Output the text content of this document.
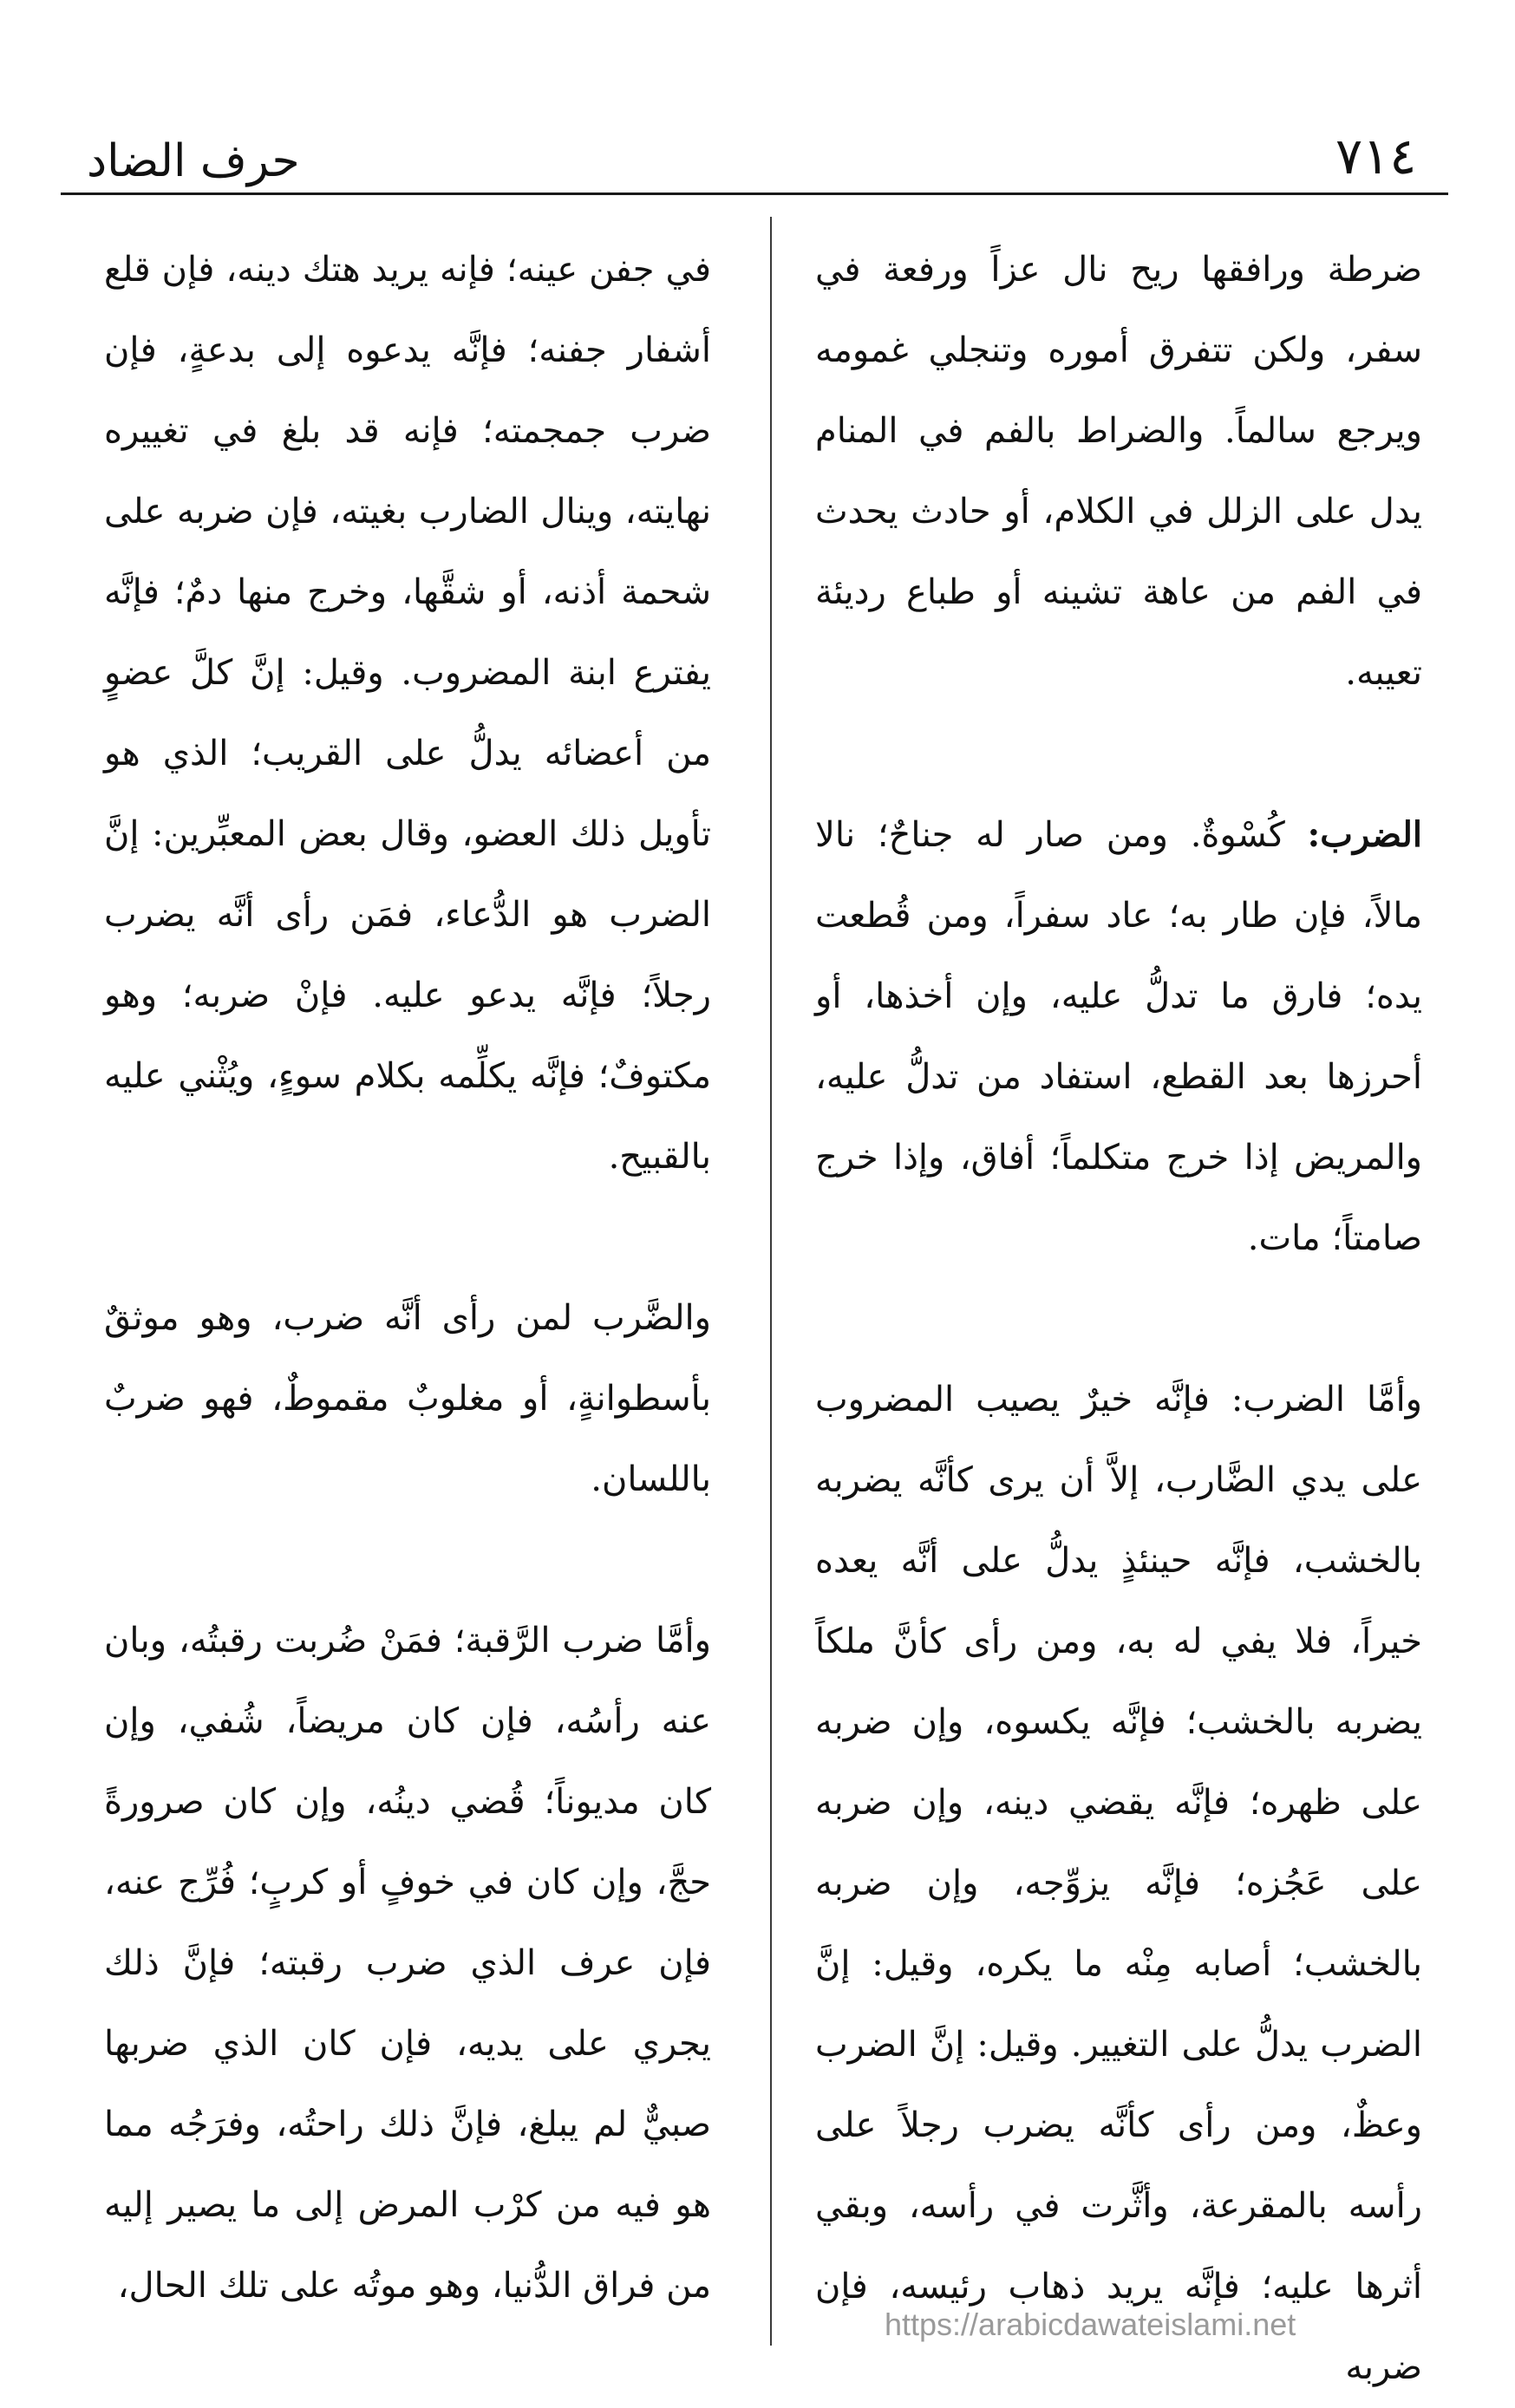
٧١٤
حرف الضاد

ضرطة ورافقها ريح نال عزاً ورفعة في سفر، ولكن تتفرق أموره وتنجلي غمومه ويرجع سالماً. والضراط بالفم في المنام يدل على الزلل في الكلام، أو حادث يحدث في الفم من عاهة تشينه أو طباع رديئة تعيبه.

الضرب: كُسْوةٌ. ومن صار له جناحٌ؛ نالا مالاً، فإن طار به؛ عاد سفراً، ومن قُطعت يده؛ فارق ما تدلُّ عليه، وإن أخذها، أو أحرزها بعد القطع، استفاد من تدلُّ عليه، والمريض إذا خرج متكلماً؛ أفاق، وإذا خرج صامتاً؛ مات.

وأمَّا الضرب: فإنَّه خيرٌ يصيب المضروب على يدي الضَّارب، إلاَّ أن يرى كأنَّه يضربه بالخشب، فإنَّه حينئذٍ يدلُّ على أنَّه يعده خيراً، فلا يفي له به، ومن رأى كأنَّ ملكاً يضربه بالخشب؛ فإنَّه يكسوه، وإن ضربه على ظهره؛ فإنَّه يقضي دينه، وإن ضربه على عَجُزه؛ فإنَّه يزوِّجه، وإن ضربه بالخشب؛ أصابه مِنْه ما يكره، وقيل: إنَّ الضرب يدلُّ على التغيير. وقيل: إنَّ الضرب وعظٌ، ومن رأى كأنَّه يضرب رجلاً على رأسه بالمقرعة، وأثَّرت في رأسه، وبقي أثرها عليه؛ فإنَّه يريد ذهاب رئيسه، فإن ضربه

في جفن عينه؛ فإنه يريد هتك دينه، فإن قلع أشفار جفنه؛ فإنَّه يدعوه إلى بدعةٍ، فإن ضرب جمجمته؛ فإنه قد بلغ في تغييره نهايته، وينال الضارب بغيته، فإن ضربه على شحمة أذنه، أو شقَّها، وخرج منها دمٌ؛ فإنَّه يفترع ابنة المضروب. وقيل: إنَّ كلَّ عضوٍ من أعضائه يدلُّ على القريب؛ الذي هو تأويل ذلك العضو، وقال بعض المعبِّرين: إنَّ الضرب هو الدُّعاء، فمَن رأى أنَّه يضرب رجلاً؛ فإنَّه يدعو عليه. فإنْ ضربه؛ وهو مكتوفٌ؛ فإنَّه يكلِّمه بكلام سوءٍ، ويُثْني عليه بالقبيح.

والضَّرب لمن رأى أنَّه ضرب، وهو موثقٌ بأسطوانةٍ، أو مغلوبٌ مقموطٌ، فهو ضربٌ باللسان.

وأمَّا ضرب الرَّقبة؛ فمَنْ ضُربت رقبتُه، وبان عنه رأسُه، فإن كان مريضاً، شُفي، وإن كان مديوناً؛ قُضي دينُه، وإن كان صرورةً حجَّ، وإن كان في خوفٍ أو كربٍ؛ فُرِّج عنه، فإن عرف الذي ضرب رقبته؛ فإنَّ ذلك يجري على يديه، فإن كان الذي ضربها صبيٌّ لم يبلغ، فإنَّ ذلك راحتُه، وفرَجُه مما هو فيه من كرْب المرض إلى ما يصير إليه من فراق الدُّنيا، وهو موتُه على تلك الحال،

https://arabicdawateislami.net
